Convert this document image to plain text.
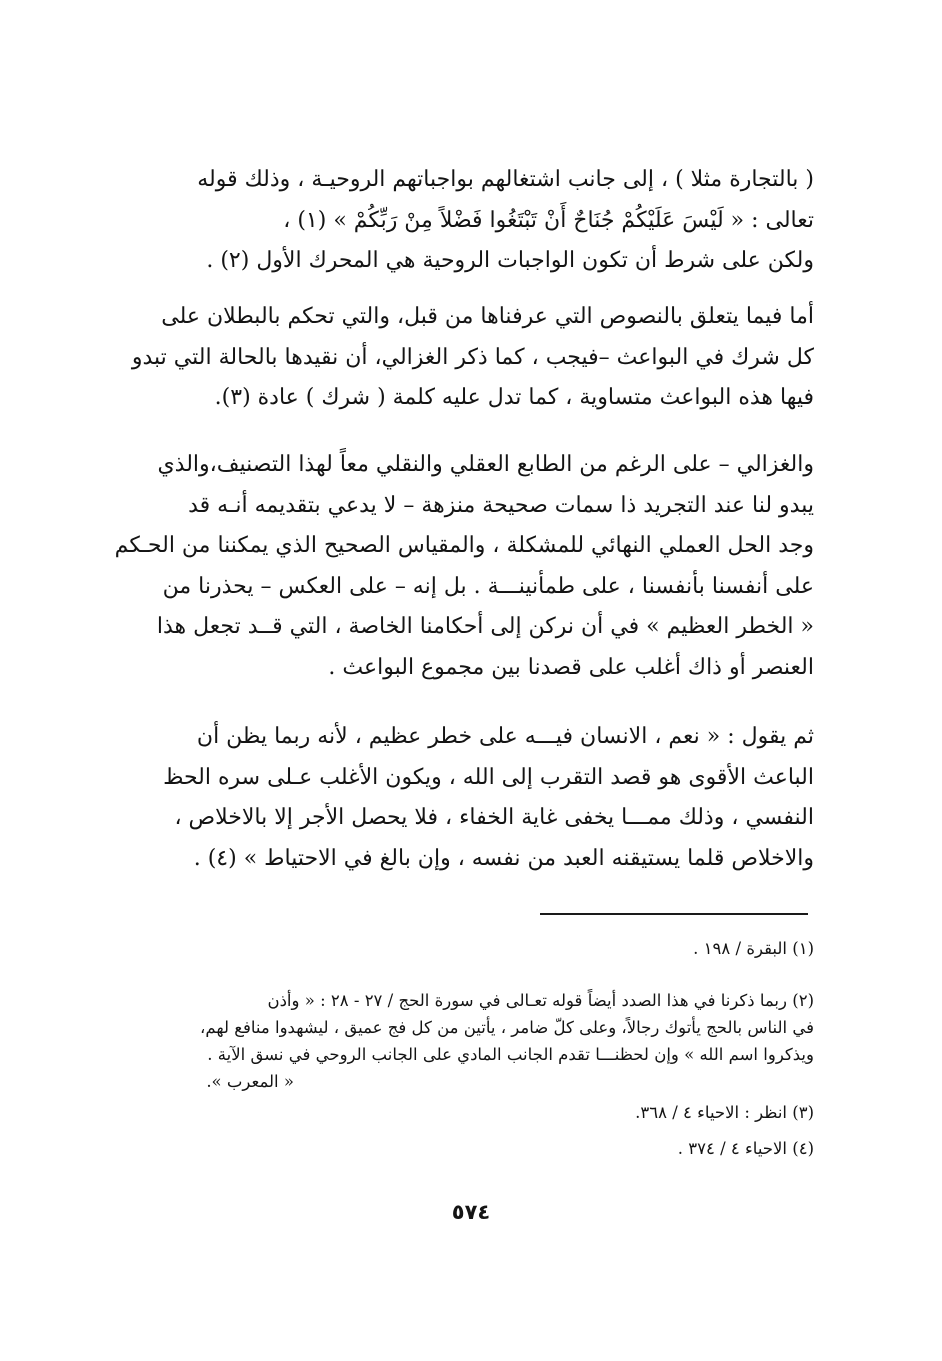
( بالتجارة مثلا ) ، إلى جانب اشتغالهم بواجباتهم الروحيـة ، وذلك قوله
تعالى : « لَيْسَ عَلَيْكُمْ جُنَاحٌ أَنْ تَبْتَغُوا فَضْلاً مِنْ رَبِّكُمْ » (١) ،
ولكن على شرط أن تكون الواجبات الروحية هي المحرك الأول (٢) .
أما فيما يتعلق بالنصوص التي عرفناها من قبل، والتي تحكم بالبطلان على
كل شرك في البواعث –فيجب ، كما ذكر الغزالي، أن نقيدها بالحالة التي تبدو
فيها هذه البواعث متساوية ، كما تدل عليه كلمة ( شرك ) عادة (٣).
والغزالي – على الرغم من الطابع العقلي والنقلي معاً لهذا التصنيف،والذي
يبدو لنا عند التجريد ذا سمات صحيحة منزهة – لا يدعي بتقديمه أنـه قد
وجد الحل العملي النهائي للمشكلة ، والمقياس الصحيح الذي يمكننا من الحـكم
على أنفسنا بأنفسنا ، على طمأنينـــة . بل إنه – على العكس – يحذرنا من
« الخطر العظيم » في أن نركن إلى أحكامنا الخاصة ، التي قــد تجعل هذا
العنصر أو ذاك أغلب على قصدنا بين مجموع البواعث .
ثم يقول : « نعم ، الانسان فيـــه على خطر عظيم ، لأنه ربما يظن أن
الباعث الأقوى هو قصد التقرب إلى الله ، ويكون الأغلب عـلى سره الحظ
النفسي ، وذلك ممـــا يخفى غاية الخفاء ، فلا يحصل الأجر إلا بالاخلاص ،
والاخلاص قلما يستيقنه العبد من نفسه ، وإن بالغ في الاحتياط » (٤) .
(١) البقرة / ١٩٨ .
(٢) ربما ذكرنا في هذا الصدد أيضاً قوله تعـالى في سورة الحج / ٢٧ - ٢٨ : « وأذن
في الناس بالحج يأتوك رجالاً، وعلى كلّ ضامر ، يأتين من كل فج عميق ، ليشهدوا منافع لهم،
ويذكروا اسم الله » وإن لحظنـــا تقدم الجانب المادي على الجانب الروحي في نسق الآية .
« المعرب ».
(٣) انظر : الاحياء ٤ / ٣٦٨.
(٤) الاحياء ٤ / ٣٧٤ .
٥٧٤
